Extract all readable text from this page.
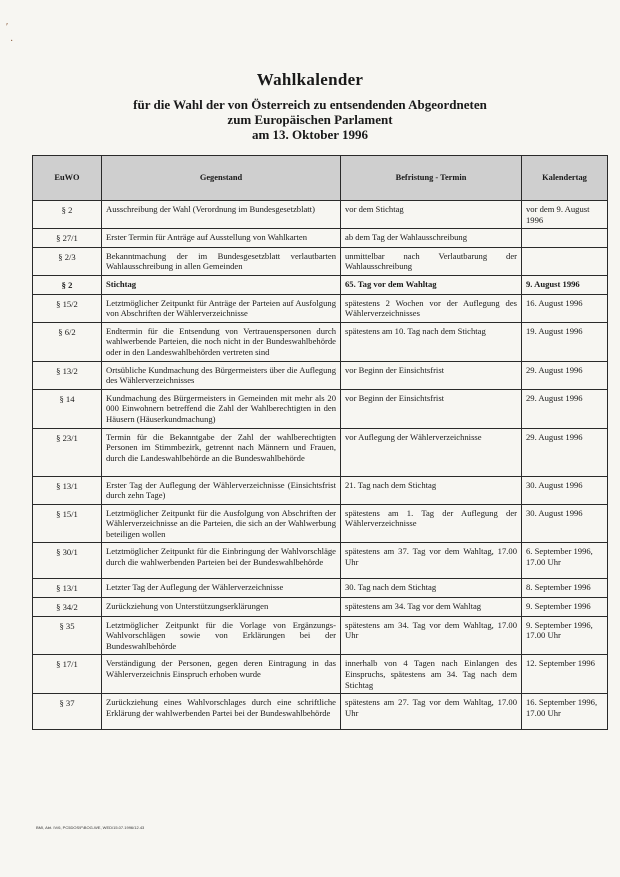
ʹ
·
Wahlkalender
für die Wahl der von Österreich zu entsendenden Abgeordneten
zum Europäischen Parlament
am 13. Oktober 1996
EuWO	Gegenstand	Befristung - Termin	Kalendertag
§ 2	Ausschreibung der Wahl (Verordnung im Bundesgesetzblatt)	vor dem Stichtag	vor dem 9. August 1996
§ 27/1	Erster Termin für Anträge auf Ausstellung von Wahlkarten	ab dem Tag der Wahlausschreibung	
§ 2/3	Bekanntmachung der im Bundesgesetzblatt verlautbarten Wahlausschreibung in allen Gemeinden	unmittelbar nach Verlautbarung der Wahlausschreibung	
§ 2	Stichtag	65. Tag vor dem Wahltag	9. August 1996
§ 15/2	Letztmöglicher Zeitpunkt für Anträge der Parteien auf Ausfolgung von Abschriften der Wählerverzeichnisse	spätestens 2 Wochen vor der Auflegung des Wählerverzeichnisses	16. August 1996
§ 6/2	Endtermin für die Entsendung von Vertrauenspersonen durch wahlwerbende Parteien, die noch nicht in der Bundeswahlbehörde oder in den Landeswahlbehörden vertreten sind	spätestens am 10. Tag nach dem Stichtag	19. August 1996
§ 13/2	Ortsübliche Kundmachung des Bürgermeisters über die Auflegung des Wählerverzeichnisses	vor Beginn der Einsichtsfrist	29. August 1996
§ 14	Kundmachung des Bürgermeisters in Gemeinden mit mehr als 20 000 Einwohnern betreffend die Zahl der Wahlberechtigten in den Häusern (Häuserkundmachung)	vor Beginn der Einsichtsfrist	29. August 1996
§ 23/1	Termin für die Bekanntgabe der Zahl der wahlberechtigten Personen im Stimmbezirk, getrennt nach Männern und Frauen, durch die Landeswahlbehörde an die Bundeswahlbehörde	vor Auflegung der Wählerverzeichnisse	29. August 1996
§ 13/1	Erster Tag der Auflegung der Wählerverzeichnisse (Einsichtsfrist durch zehn Tage)	21. Tag nach dem Stichtag	30. August 1996
§ 15/1	Letztmöglicher Zeitpunkt für die Ausfolgung von Abschriften der Wählerverzeichnisse an die Parteien, die sich an der Wahlwerbung beteiligen wollen	spätestens am 1. Tag der Auflegung der Wählerverzeichnisse	30. August 1996
§ 30/1	Letztmöglicher Zeitpunkt für die Einbringung der Wahlvorschläge durch die wahlwerbenden Parteien bei der Bundeswahlbehörde	spätestens am 37. Tag vor dem Wahltag, 17.00 Uhr	6. September 1996, 17.00 Uhr
§ 13/1	Letzter Tag der Auflegung der Wählerverzeichnisse	30. Tag nach dem Stichtag	8. September 1996
§ 34/2	Zurückziehung von Unterstützungserklärungen	spätestens am 34. Tag vor dem Wahltag	9. September 1996
§ 35	Letztmöglicher Zeitpunkt für die Vorlage von Ergänzungs-Wahlvorschlägen sowie von Erklärungen bei der Bundeswahlbehörde	spätestens am 34. Tag vor dem Wahltag, 17.00 Uhr	9. September 1996, 17.00 Uhr
§ 17/1	Verständigung der Personen, gegen deren Eintragung in das Wählerverzeichnis Einspruch erhoben wurde	innerhalb von 4 Tagen nach Einlangen des Einspruchs, spätestens am 34. Tag nach dem Stichtag	12. September 1996
§ 37	Zurückziehung eines Wahlvorschlages durch eine schriftliche Erklärung der wahlwerbenden Partei bei der Bundeswahlbehörde	spätestens am 27. Tag vor dem Wahltag, 17.00 Uhr	16. September 1996, 17.00 Uhr
BMI, Abt. IV/6, PC5DOS\F\BOG-WE, WED/15.07.1996/12.43
